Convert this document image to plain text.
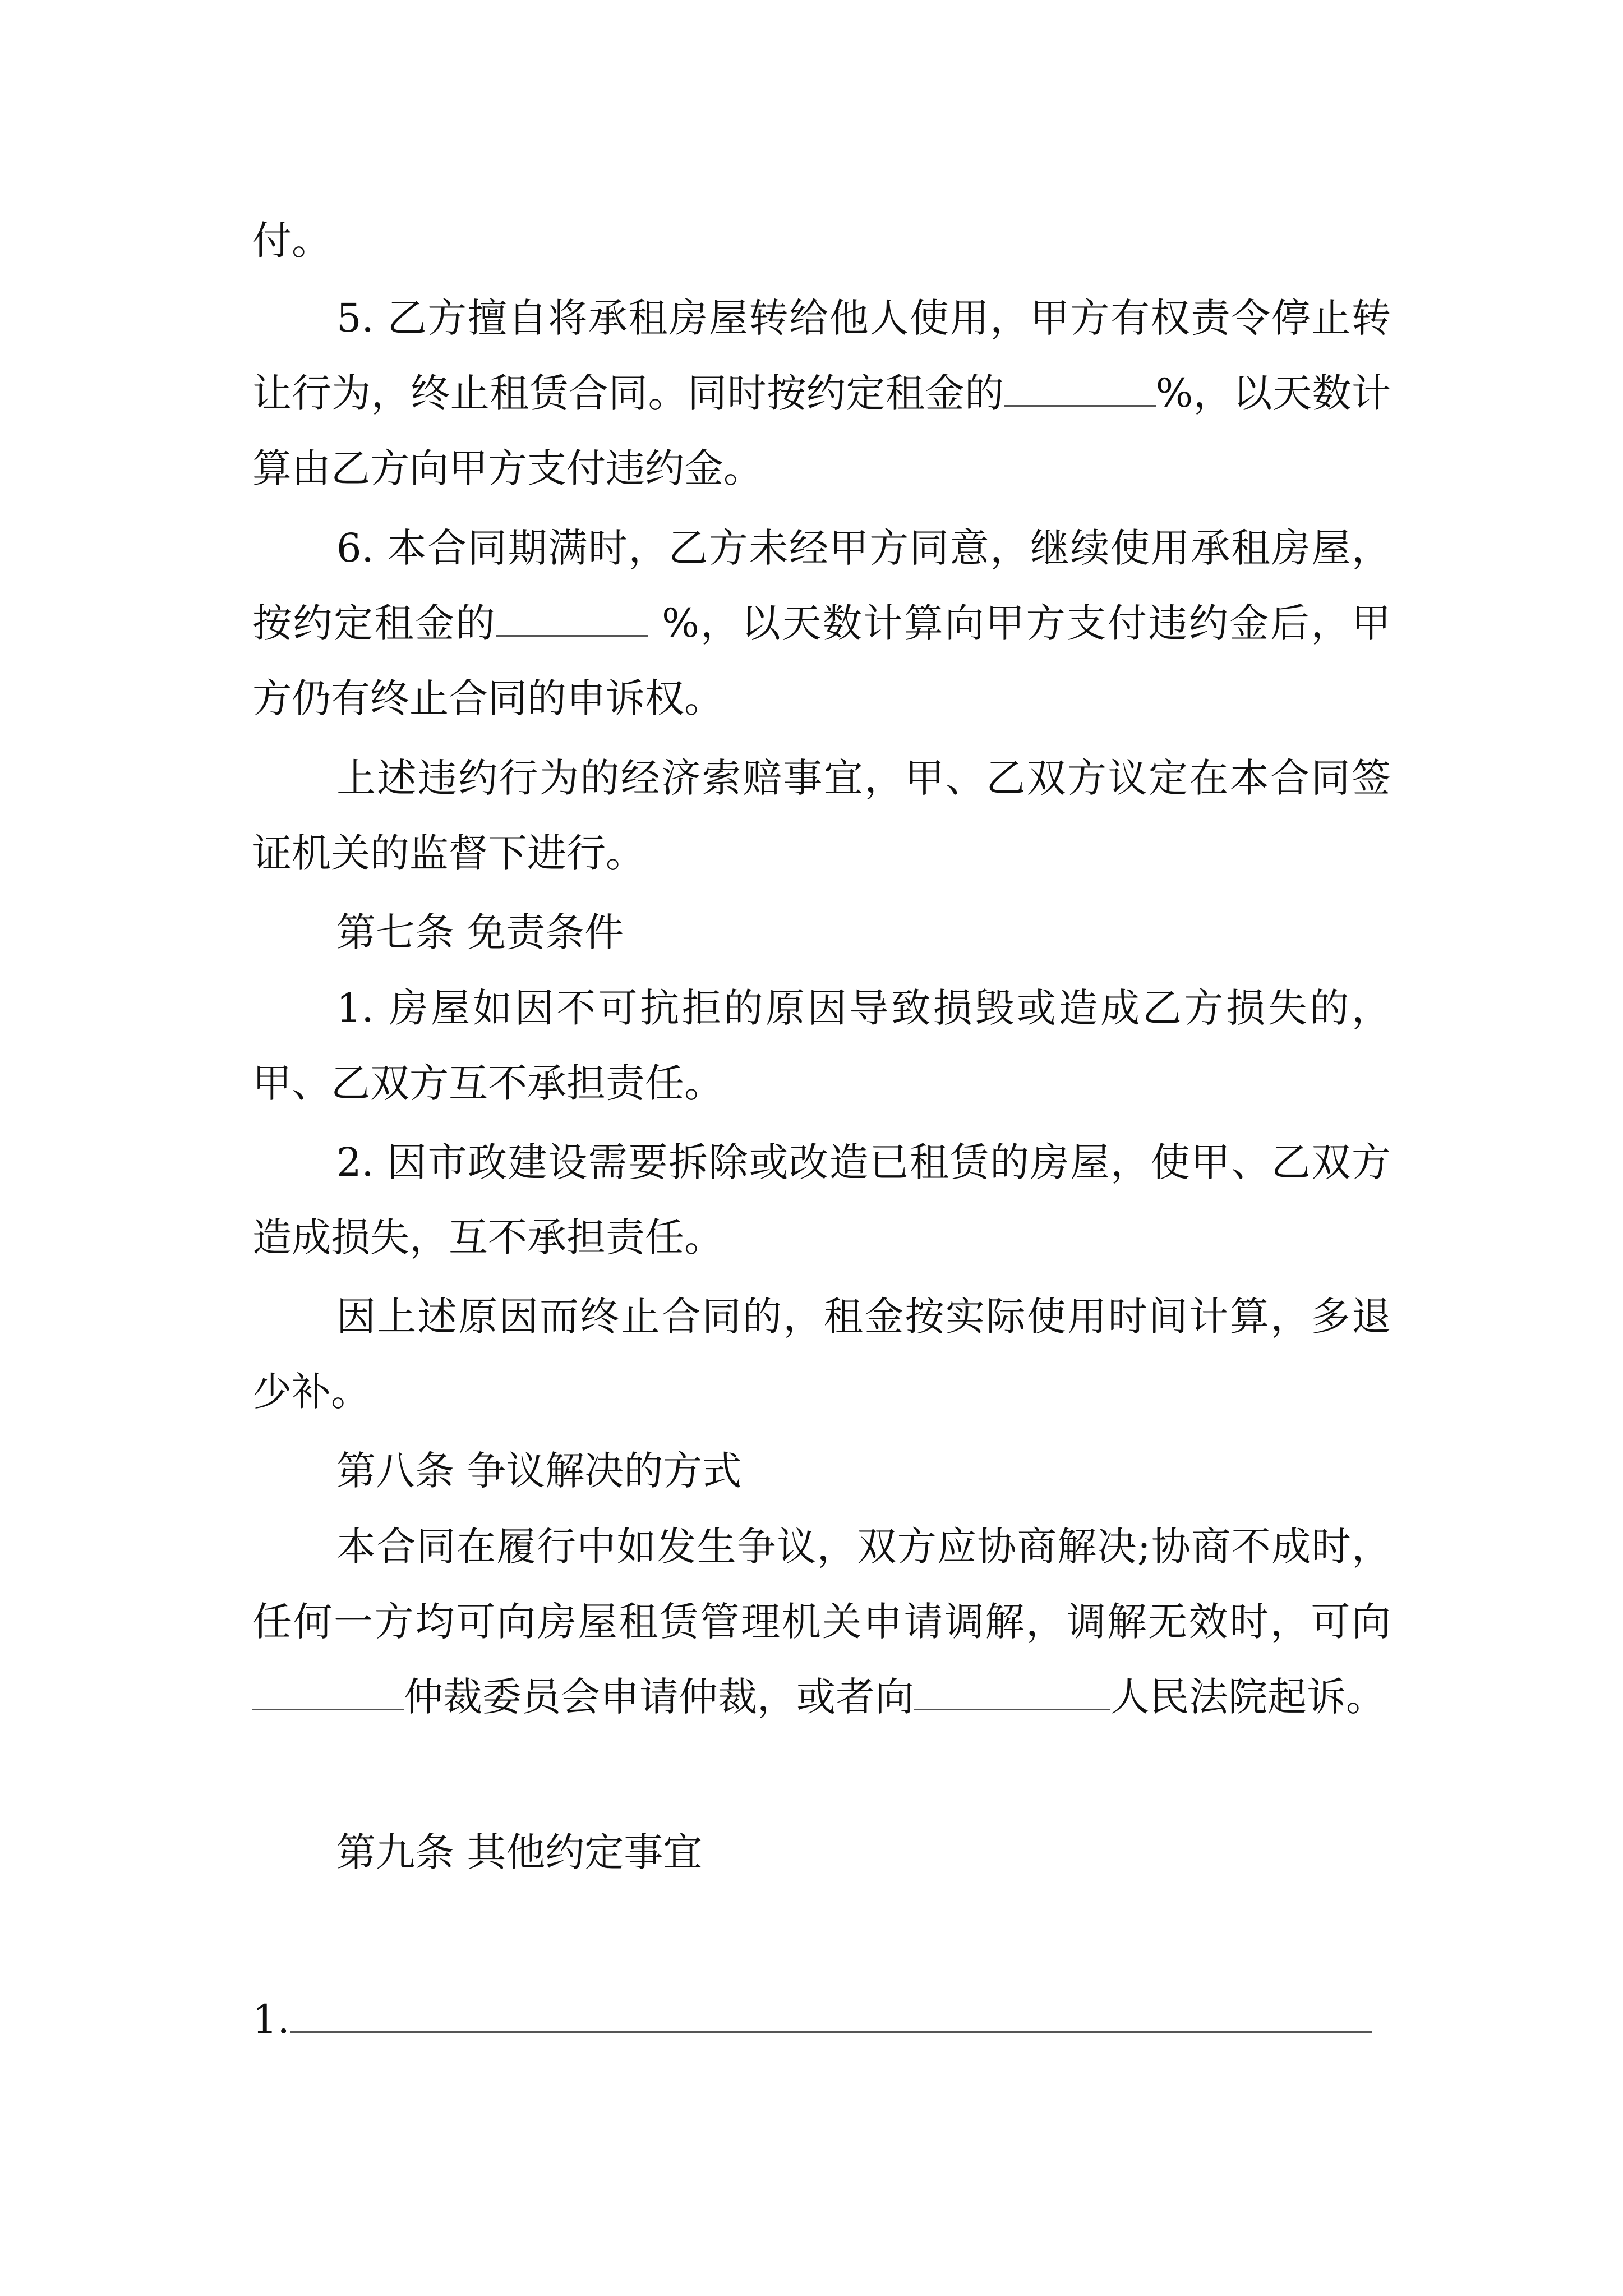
付。
5. 乙方擅自将承租房屋转给他人使用，甲方有权责令停止转让行为，终止租赁合同。同时按约定租金的	%，以天数计算由乙方向甲方支付违约金。
6. 本合同期满时，乙方未经甲方同意，继续使用承租房屋，按约定租金的	%，以天数计算向甲方支付违约金后，甲方仍有终止合同的申诉权。
上述违约行为的经济索赔事宜，甲、乙双方议定在本合同签证机关的监督下进行。
第七条 免责条件
1. 房屋如因不可抗拒的原因导致损毁或造成乙方损失的，甲、乙双方互不承担责任。
2. 因市政建设需要拆除或改造已租赁的房屋，使甲、乙双方造成损失，互不承担责任。
因上述原因而终止合同的，租金按实际使用时间计算，多退少补。
第八条 争议解决的方式
本合同在履行中如发生争议，双方应协商解决;协商不成时，任何一方均可向房屋租赁管理机关申请调解，调解无效时，可向仲裁委员会申请仲裁，或者向	人民法院起诉。
第九条 其他约定事宜
1.
